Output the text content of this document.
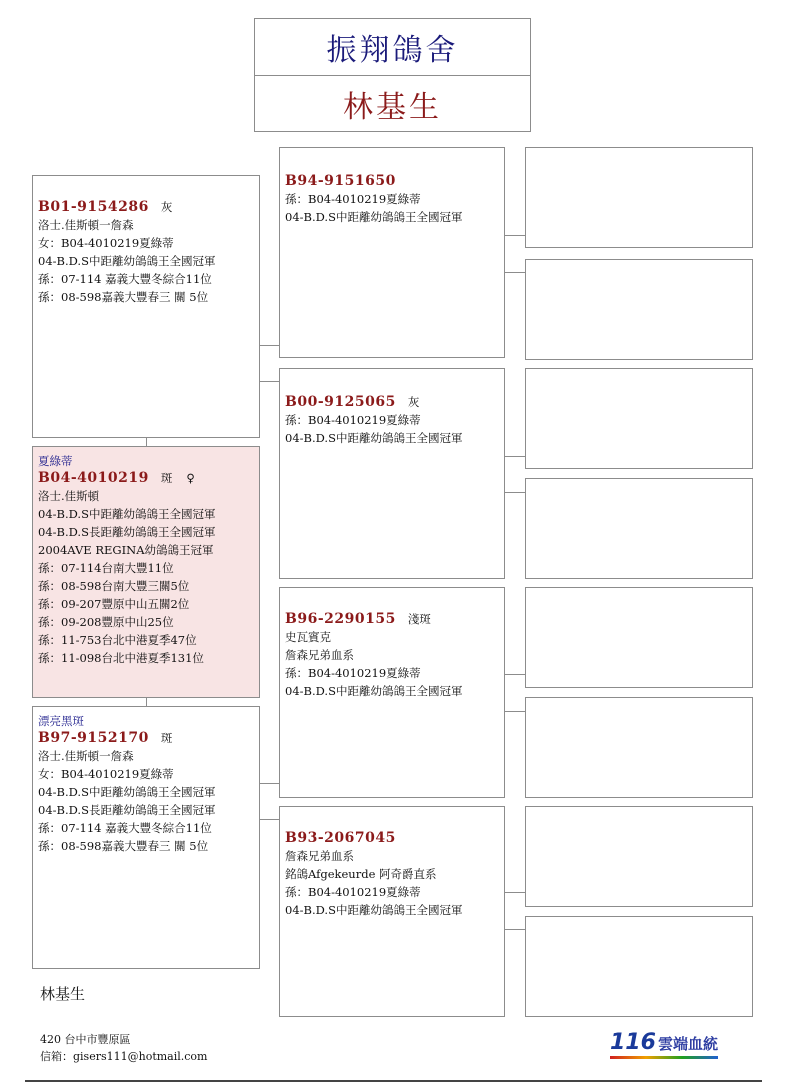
振翔鴿舍
林基生
B01-9154286 灰
洛士.佳斯頓一詹森
女：B04-4010219夏綠蒂
04-B.D.S中距離幼鴿鴿王全國冠軍
孫：07-114 嘉義大豐冬綜合11位
孫：08-598嘉義大豐春三 關 5位
夏綠蒂
B04-4010219 斑 ♀
洛士.佳斯頓
04-B.D.S中距離幼鴿鴿王全國冠軍
04-B.D.S長距離幼鴿鴿王全國冠軍
2004AVE REGINA幼鴿鴿王冠軍
孫：07-114台南大豐11位
孫：08-598台南大豐三關5位
孫：09-207豐原中山五關2位
孫：09-208豐原中山25位
孫：11-753台北中港夏季47位
孫：11-098台北中港夏季131位
漂亮黑斑
B97-9152170 斑
洛士.佳斯頓一詹森
女：B04-4010219夏綠蒂
04-B.D.S中距離幼鴿鴿王全國冠軍
04-B.D.S長距離幼鴿鴿王全國冠軍
孫：07-114 嘉義大豐冬綜合11位
孫：08-598嘉義大豐春三 關 5位
B94-9151650
孫：B04-4010219夏綠蒂
04-B.D.S中距離幼鴿鴿王全國冠軍
B00-9125065 灰
孫：B04-4010219夏綠蒂
04-B.D.S中距離幼鴿鴿王全國冠軍
B96-2290155 淺斑
史瓦賓克
詹森兄弟血系
孫：B04-4010219夏綠蒂
04-B.D.S中距離幼鴿鴿王全國冠軍
B93-2067045
詹森兄弟血系
銘鴿Afgekeurde 阿奇爵直系
孫：B04-4010219夏綠蒂
04-B.D.S中距離幼鴿鴿王全國冠軍
林基生
420 台中市豐原區
信箱：gisers111@hotmail.com
116 雲端血統
